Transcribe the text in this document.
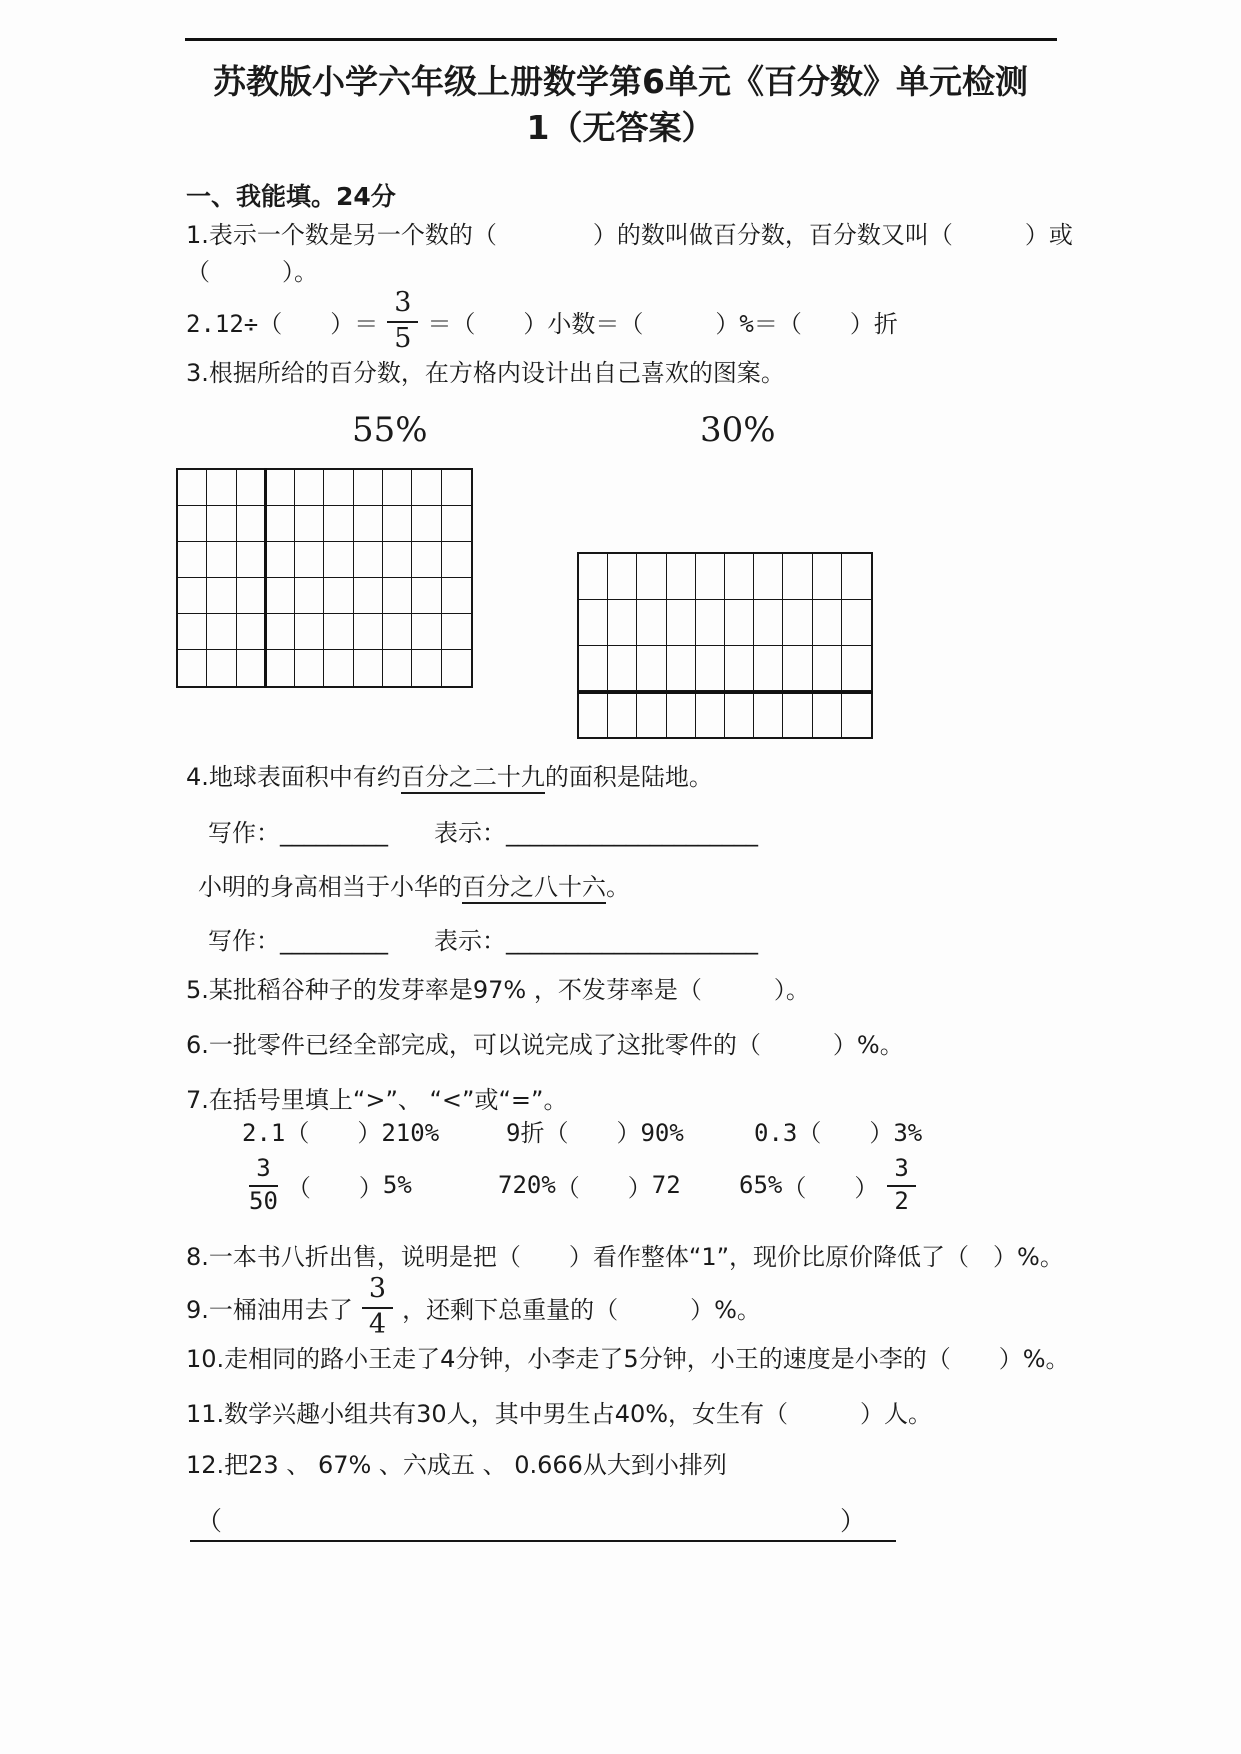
苏教版小学六年级上册数学第6单元《百分数》单元检测
1（无答案）
一、我能填。24分
1.表示一个数是另一个数的（　　　　）的数叫做百分数，百分数又叫（　　　）或
（　　　）。
2.12÷（　　）＝ $\frac{3}{5}$ ＝（　　）小数＝（　　　）%＝（　　）折
3.根据所给的百分数，在方格内设计出自己喜欢的图案。
55%	30%
4.地球表面积中有约百分之二十九的面积是陆地。
写作：_________ 表示：_____________________
小明的身高相当于小华的百分之八十六。
写作：_________ 表示：_____________________
5.某批稻谷种子的发芽率是97% ，不发芽率是（　　　）。
6.一批零件已经全部完成，可以说完成了这批零件的（　　　）%。
7.在括号里填上“>”、 “<”或“=”。
2.1（　　）210%	9折（　　）90%	0.3（　　）3%
$\frac{3}{50}$ （　　） 5%	720% （　　） 72 65% （　　） $\frac{3}{2}$
8.一本书八折出售，说明是把（　　）看作整体“1”，现价比原价降低了（　）%。
9.一桶油用去了 $\frac{3}{4}$ ，还剩下总重量的（　　　）%。
10.走相同的路小王走了4分钟，小李走了5分钟，小王的速度是小李的（　　）%。
11.数学兴趣小组共有30人，其中男生占40%，女生有（　　　）人。
12.把23 、 67% 、六成五 、 0.666从大到小排列
（	）
